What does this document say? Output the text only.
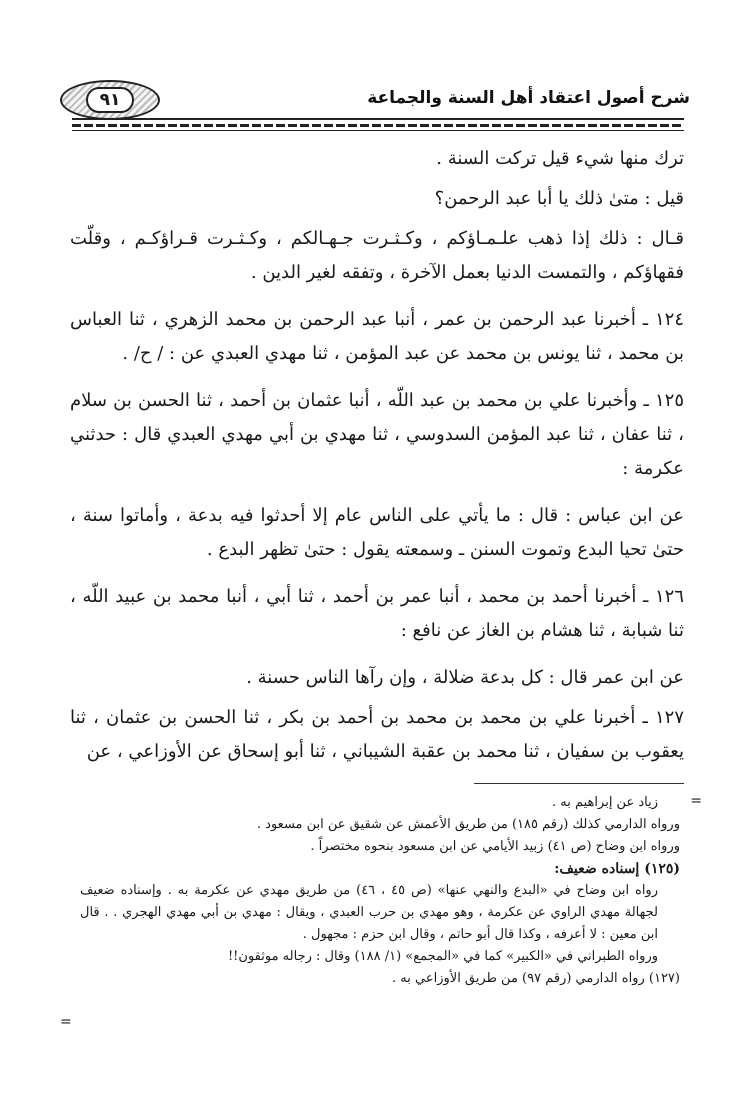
شرح أصول اعتقاد أهل السنة والجماعة
٩١

ترك منها شيء قيل تركت السنة .

قيل : متىٰ ذلك يا أبا عبد الرحمن؟

قـال : ذلك إذا ذهب علـمـاؤكم ، وكـثـرت جـهـالكم ، وكـثـرت قـراؤكـم ، وقلّت فقهاؤكم ، والتمست الدنيا بعمل الآخرة ، وتفقه لغير الدين .

١٢٤ ـ أخبرنا عبد الرحمن بن عمر ، أنبا عبد الرحمن بن محمد الزهري ، ثنا العباس بن محمد ، ثنا يونس بن محمد عن عبد المؤمن ، ثنا مهدي العبدي عن : / ح/ .

١٢٥ ـ وأخبرنا علي بن محمد بن عبد اللّه ، أنبا عثمان بن أحمد ، ثنا الحسن بن سلام ، ثنا عفان ، ثنا عبد المؤمن السدوسي ، ثنا مهدي بن أبي مهدي العبدي قال : حدثني عكرمة :

عن ابن عباس : قال : ما يأتي على الناس عام إلا أحدثوا فيه بدعة ، وأماتوا سنة ، حتىٰ تحيا البدع وتموت السنن ـ وسمعته يقول : حتىٰ تظهر البدع .

١٢٦ ـ أخبرنا أحمد بن محمد ، أنبا عمر بن أحمد ، ثنا أبي ، أنبا محمد بن عبيد اللّه ، ثنا شبابة ، ثنا هشام بن الغاز عن نافع :

عن ابن عمر قال : كل بدعة ضلالة ، وإن رآها الناس حسنة .

١٢٧ ـ أخبرنا علي بن محمد بن محمد بن أحمد بن بكر ، ثنا الحسن بن عثمان ، ثنا يعقوب بن سفيان ، ثنا محمد بن عقبة الشيباني ، ثنا أبو إسحاق عن الأوزاعي ، عن

=
=

زياد عن إبراهيم به .

ورواه الدارمي كذلك (رقم ١٨٥) من طريق الأعمش عن شقيق عن ابن مسعود .

ورواه ابن وضاح (ص ٤١) زبيد الأيامي عن ابن مسعود بنحوه مختصراً .

(١٢٥) إسناده ضعيف:

رواه ابن وضاح في «البدع والنهي عنها» (ص ٤٥ ، ٤٦) من طريق مهدي عن عكرمة به . وإسناده ضعيف لجهالة مهدي الراوي عن عكرمة ، وهو مهدي بن حرب العبدي ، ويقال : مهدي بن أبي مهدي الهجري . . قال ابن معين : لا أعرفه ، وكذا قال أبو حاتم ، وقال ابن حزم : مجهول .

ورواه الطبراني في «الكبير» كما في «المجمع» (١/ ١٨٨) وقال : رجاله موثقون!!

(١٢٧) رواه الدارمي (رقم ٩٧) من طريق الأوزاعي به .
